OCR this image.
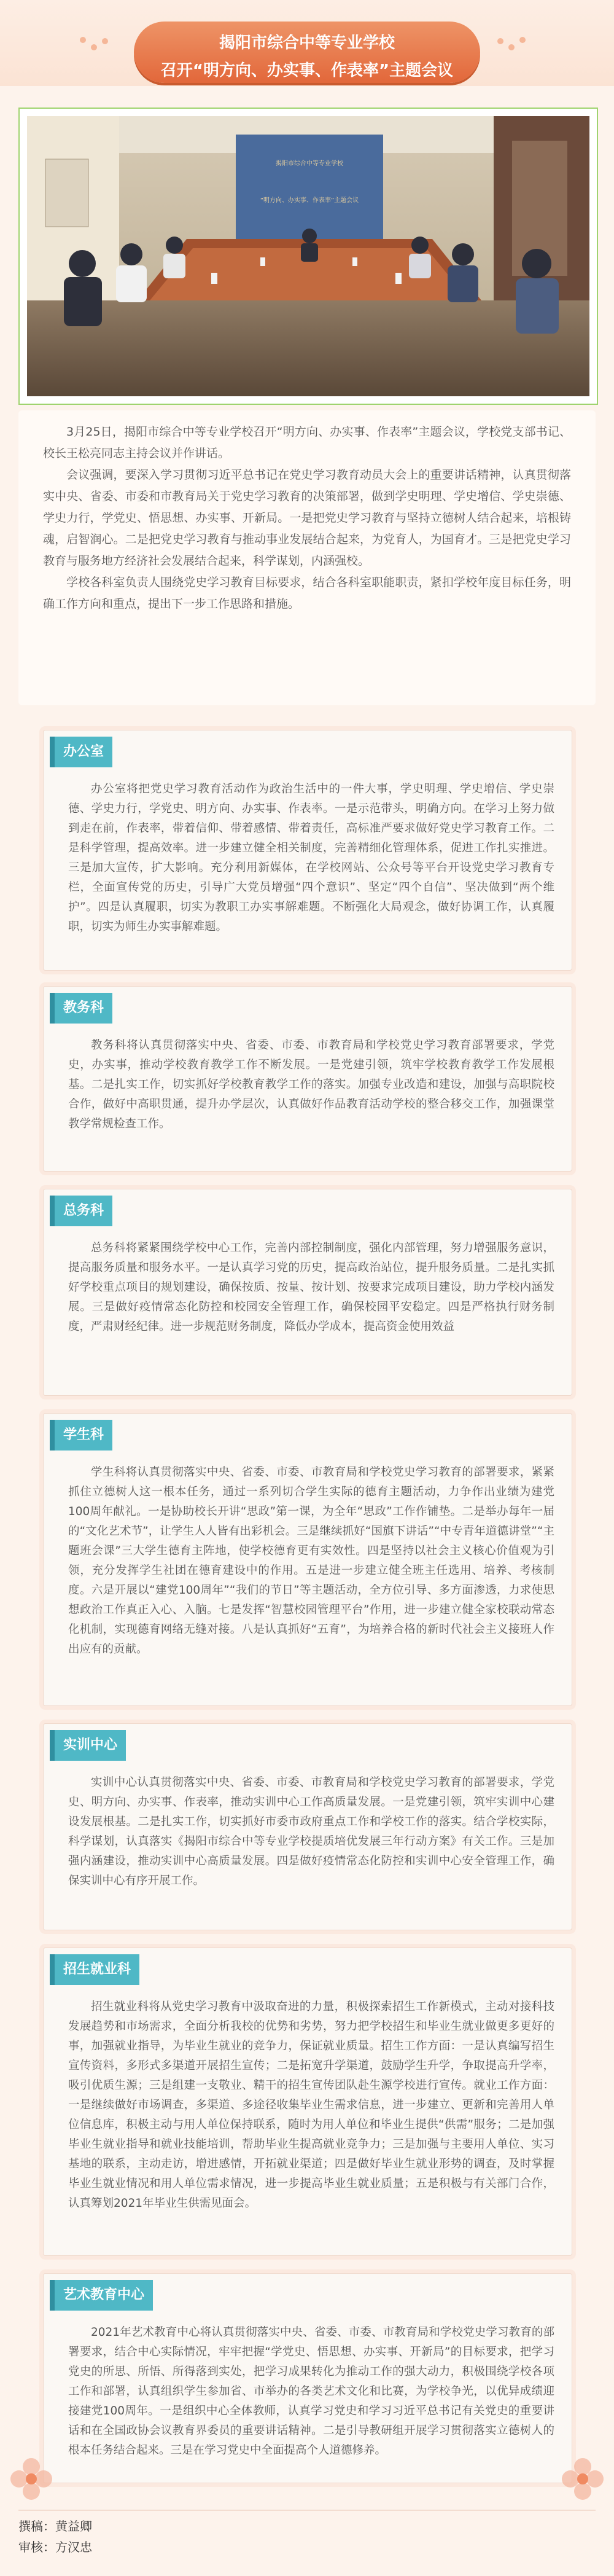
揭阳市综合中等专业学校
召开“明方向、办实事、作表率”主题会议
揭阳市综合中等专业学校
“明方向、办实事、作表率”主题会议

3月25日，揭阳市综合中等专业学校召开“明方向、办实事、作表率”主题会议，学校党支部书记、校长王松亮同志主持会议并作讲话。

会议强调，要深入学习贯彻习近平总书记在党史学习教育动员大会上的重要讲话精神，认真贯彻落实中央、省委、市委和市教育局关于党史学习教育的决策部署，做到学史明理、学史增信、学史崇德、学史力行，学党史、悟思想、办实事、开新局。一是把党史学习教育与坚持立德树人结合起来，培根铸魂，启智润心。二是把党史学习教育与推动事业发展结合起来，为党育人，为国育才。三是把党史学习教育与服务地方经济社会发展结合起来，科学谋划，内涵强校。

学校各科室负责人围绕党史学习教育目标要求，结合各科室职能职责，紧扣学校年度目标任务，明确工作方向和重点，提出下一步工作思路和措施。

办公室

办公室将把党史学习教育活动作为政治生活中的一件大事，学史明理、学史增信、学史崇德、学史力行，学党史、明方向、办实事、作表率。一是示范带头，明确方向。在学习上努力做到走在前，作表率，带着信仰、带着感情、带着责任，高标准严要求做好党史学习教育工作。二是科学管理，提高效率。进一步建立健全相关制度，完善精细化管理体系，促进工作扎实推进。三是加大宣传，扩大影响。充分利用新媒体，在学校网站、公众号等平台开设党史学习教育专栏，全面宣传党的历史，引导广大党员增强“四个意识”、坚定“四个自信”、坚决做到“两个维护”。四是认真履职，切实为教职工办实事解难题。不断强化大局观念，做好协调工作，认真履职，切实为师生办实事解难题。

教务科

教务科将认真贯彻落实中央、省委、市委、市教育局和学校党史学习教育部署要求，学党史，办实事，推动学校教育教学工作不断发展。一是党建引领，筑牢学校教育教学工作发展根基。二是扎实工作，切实抓好学校教育教学工作的落实。加强专业改造和建设，加强与高职院校合作，做好中高职贯通，提升办学层次，认真做好作品教育活动学校的整合移交工作，加强课堂教学常规检查工作。

总务科

总务科将紧紧围绕学校中心工作，完善内部控制制度，强化内部管理，努力增强服务意识，提高服务质量和服务水平。一是认真学习党的历史，提高政治站位，提升服务质量。二是扎实抓好学校重点项目的规划建设，确保按质、按量、按计划、按要求完成项目建设，助力学校内涵发展。三是做好疫情常态化防控和校园安全管理工作，确保校园平安稳定。四是严格执行财务制度，严肃财经纪律。进一步规范财务制度，降低办学成本，提高资金使用效益

学生科

学生科将认真贯彻落实中央、省委、市委、市教育局和学校党史学习教育的部署要求，紧紧抓住立德树人这一根本任务，通过一系列切合学生实际的德育主题活动，力争作出业绩为建党100周年献礼。一是协助校长开讲“思政”第一课，为全年“思政”工作作铺垫。二是举办每年一届的“文化艺术节”，让学生人人皆有出彩机会。三是继续抓好“国旗下讲话”“中专青年道德讲堂”“主题班会课”三大学生德育主阵地，使学校德育更有实效性。四是坚持以社会主义核心价值观为引领，充分发挥学生社团在德育建设中的作用。五是进一步建立健全班主任选用、培养、考核制度。六是开展以“建党100周年”“我们的节日”等主题活动，全方位引导、多方面渗透，力求使思想政治工作真正入心、入脑。七是发挥“智慧校园管理平台”作用，进一步建立健全家校联动常态化机制，实现德育网络无缝对接。八是认真抓好“五育”，为培养合格的新时代社会主义接班人作出应有的贡献。

实训中心

实训中心认真贯彻落实中央、省委、市委、市教育局和学校党史学习教育的部署要求，学党史、明方向、办实事、作表率，推动实训中心工作高质量发展。一是党建引领，筑牢实训中心建设发展根基。二是扎实工作，切实抓好市委市政府重点工作和学校工作的落实。结合学校实际，科学谋划，认真落实《揭阳市综合中等专业学校提质培优发展三年行动方案》有关工作。三是加强内涵建设，推动实训中心高质量发展。四是做好疫情常态化防控和实训中心安全管理工作，确保实训中心有序开展工作。

招生就业科

招生就业科将从党史学习教育中汲取奋进的力量，积极探索招生工作新模式，主动对接科技发展趋势和市场需求，全面分析我校的优势和劣势，努力把学校招生和毕业生就业做更多更好的事，加强就业指导，为毕业生就业的竞争力，保证就业质量。招生工作方面：一是认真编写招生宣传资料，多形式多渠道开展招生宣传；二是拓宽升学渠道，鼓励学生升学，争取提高升学率，吸引优质生源；三是组建一支敬业、精干的招生宣传团队赴生源学校进行宣传。就业工作方面：一是继续做好市场调查，多渠道、多途径收集毕业生需求信息，进一步建立、更新和完善用人单位信息库，积极主动与用人单位保持联系，随时为用人单位和毕业生提供“供需”服务；二是加强毕业生就业指导和就业技能培训，帮助毕业生提高就业竞争力；三是加强与主要用人单位、实习基地的联系，主动走访，增进感情，开拓就业渠道；四是做好毕业生就业形势的调查，及时掌握毕业生就业情况和用人单位需求情况，进一步提高毕业生就业质量；五是积极与有关部门合作，认真筹划2021年毕业生供需见面会。

艺术教育中心

2021年艺术教育中心将认真贯彻落实中央、省委、市委、市教育局和学校党史学习教育的部署要求，结合中心实际情况，牢牢把握“学党史、悟思想、办实事、开新局”的目标要求，把学习党史的所思、所悟、所得落到实处，把学习成果转化为推动工作的强大动力，积极围绕学校各项工作和部署，认真组织学生参加省、市举办的各类艺术文化和比赛，为学校争光，以优异成绩迎接建党100周年。一是组织中心全体教师，认真学习党史和学习习近平总书记有关党史的重要讲话和在全国政协会议教育界委员的重要讲话精神。二是引导教研组开展学习贯彻落实立德树人的根本任务结合起来。三是在学习党史中全面提高个人道德修养。

撰稿：黄益卿
审核：方汉忠
